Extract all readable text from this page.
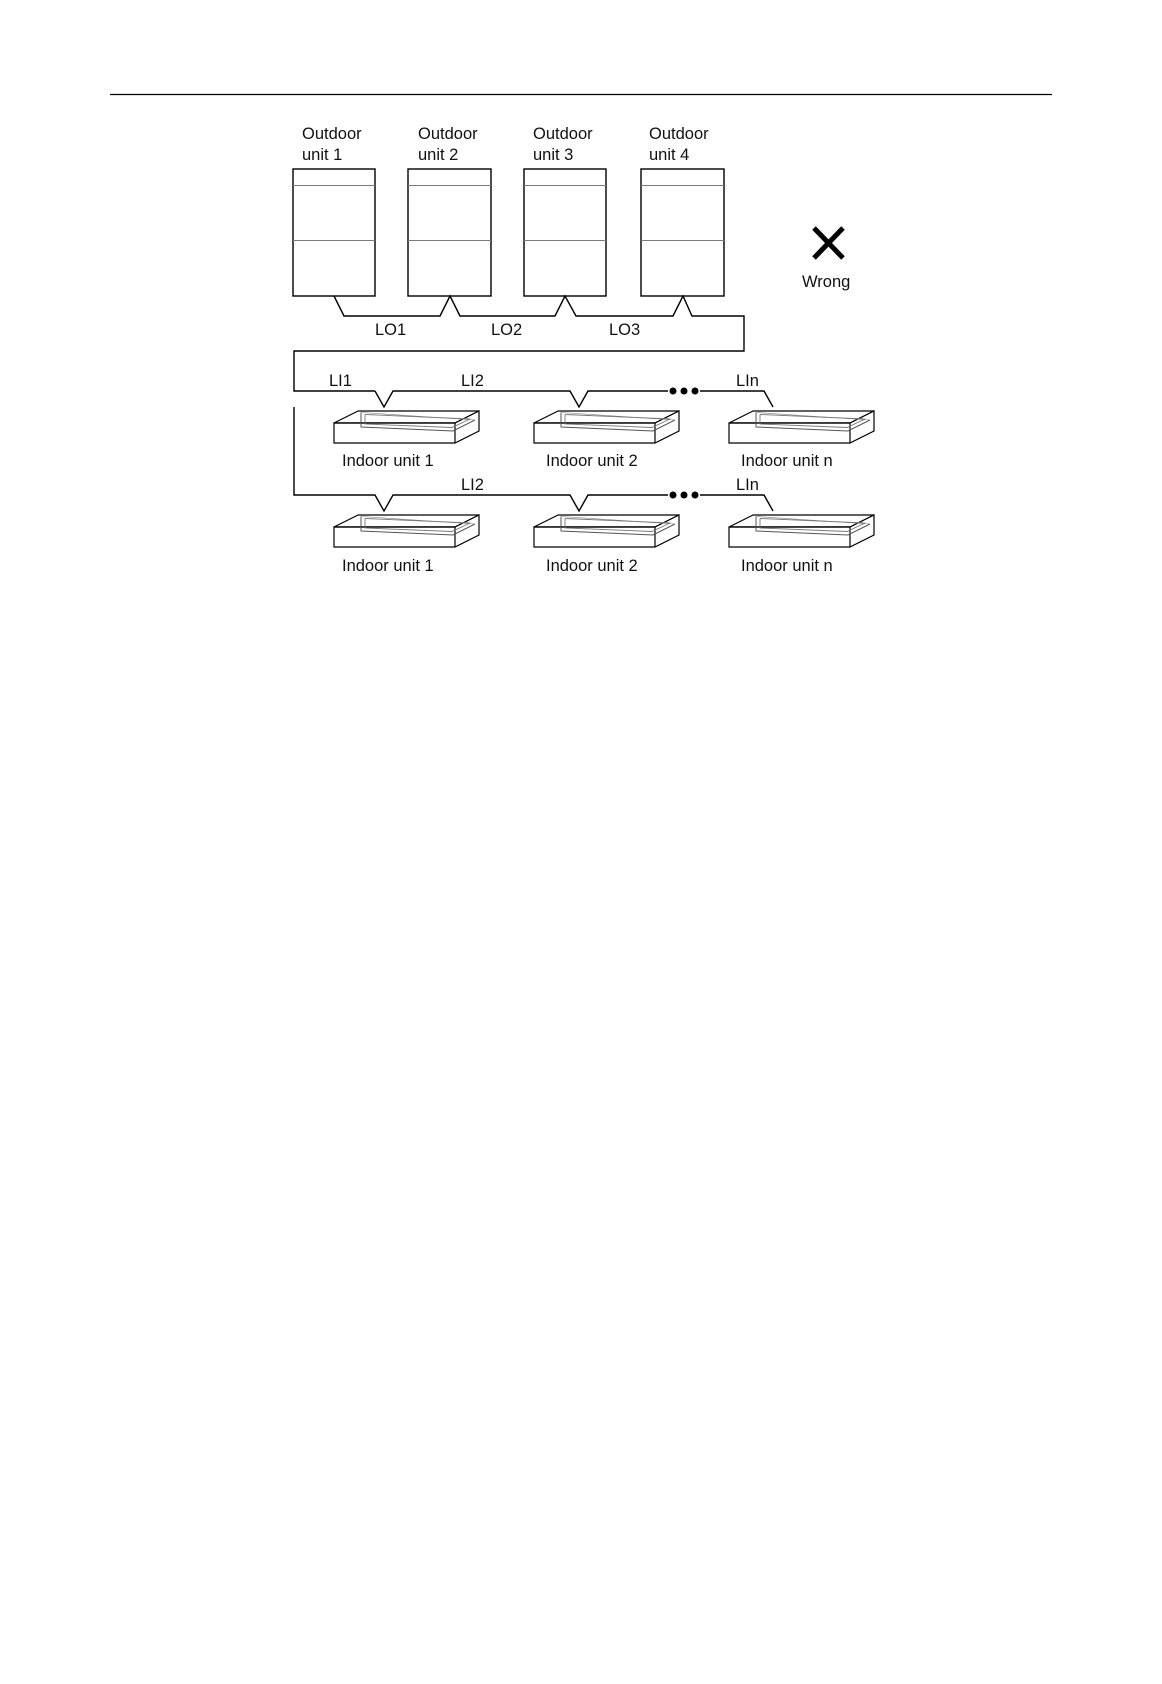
Outdoor
unit 1
Outdoor
unit 2
Outdoor
unit 3
Outdoor
unit 4
Wrong
LO1	LO2	LO3
LI1	LI2	LIn
Indoor unit 1	Indoor unit 2	Indoor unit n
LI2	LIn
Indoor unit 1	Indoor unit 2	Indoor unit n
